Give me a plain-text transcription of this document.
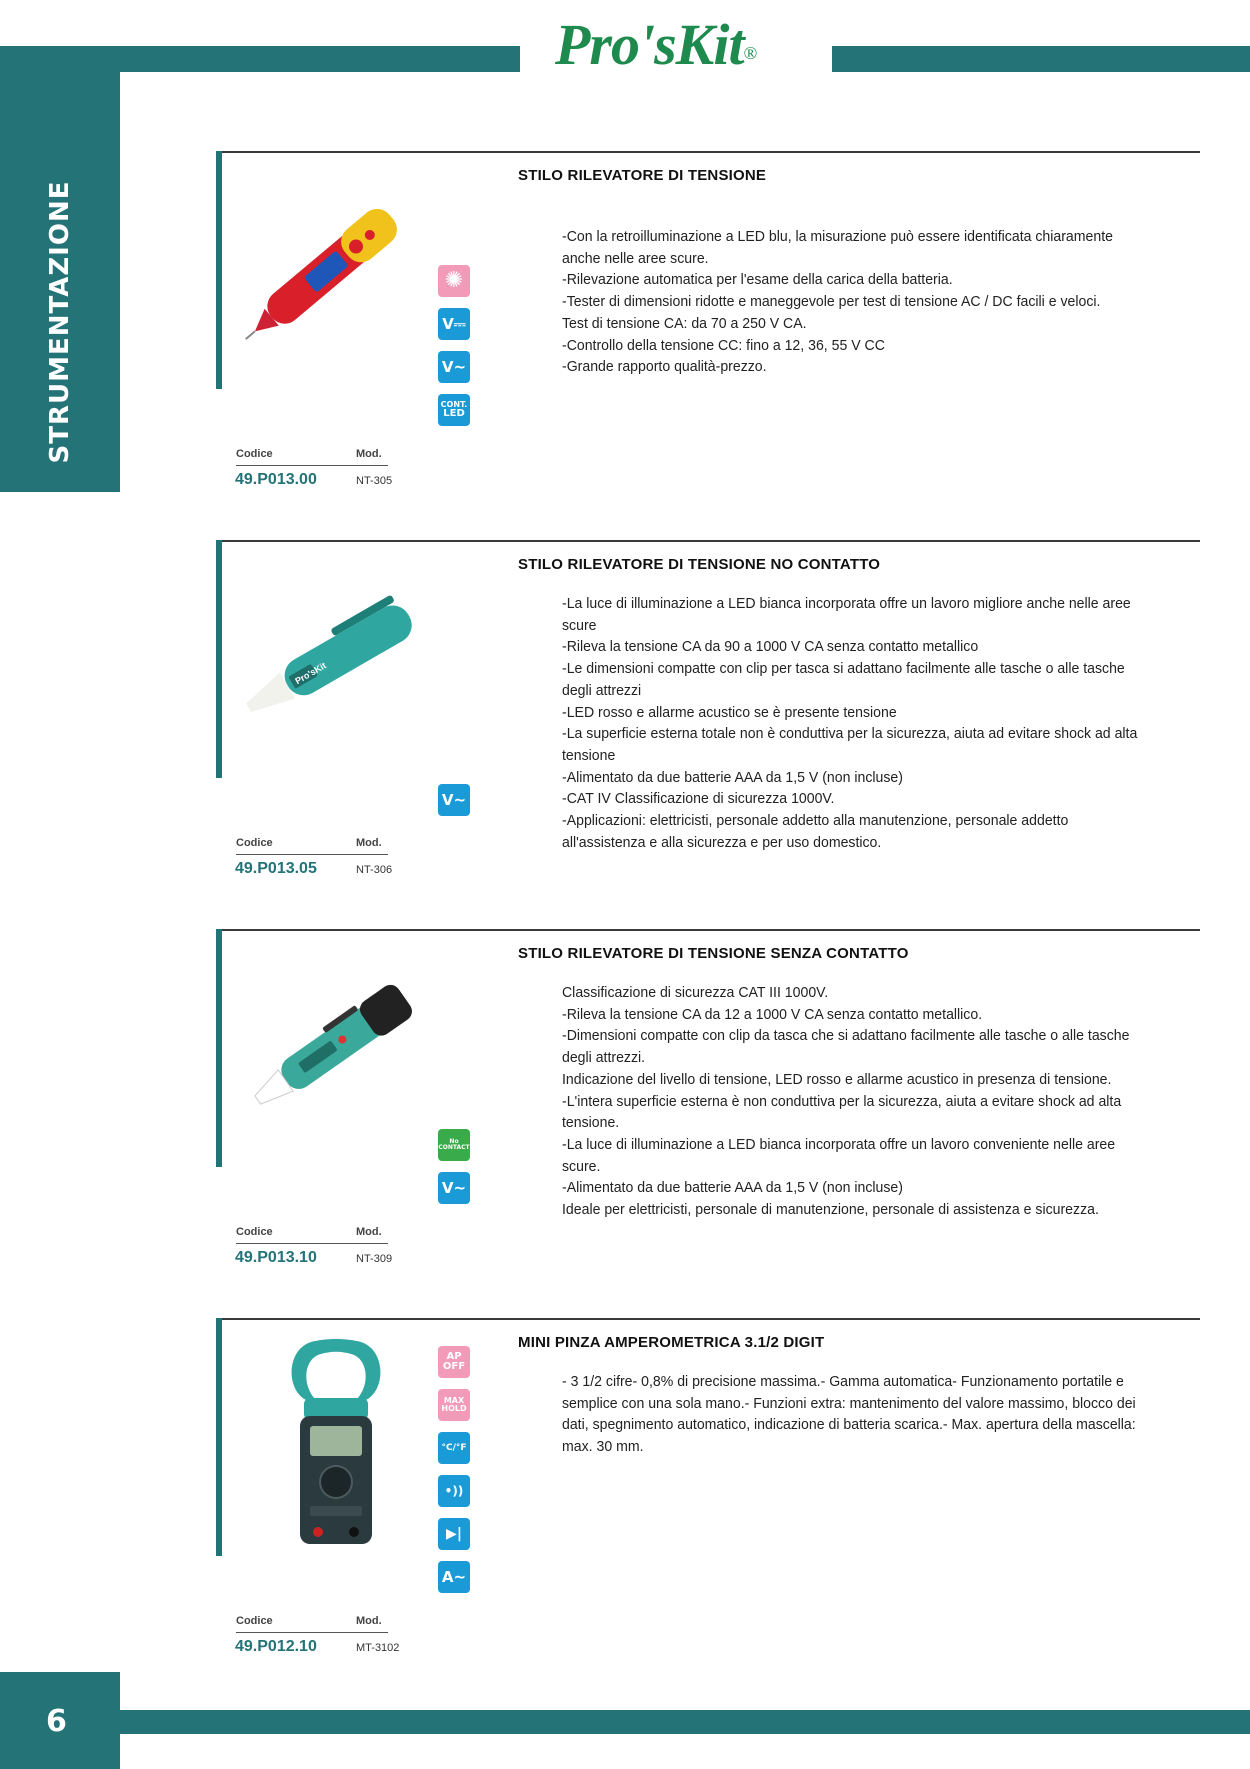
Pro'sKit®
STRUMENTAZIONE
6
✺
V⎓
V~
CONT.
LED
STILO RILEVATORE DI TENSIONE
-Con la retroilluminazione a LED blu, la misurazione può essere identificata chiaramente anche nelle aree scure.
-Rilevazione automatica per l'esame della carica della batteria.
-Tester di dimensioni ridotte e maneggevole per test di tensione AC / DC facili e veloci.
Test di tensione CA: da 70 a 250 V CA.
-Controllo della tensione CC: fino a 12, 36, 55 V CC
-Grande rapporto qualità-prezzo.
Codice	Mod.
49.P013.00	NT-305
Pro'sKit
V~
STILO RILEVATORE DI TENSIONE NO CONTATTO
-La luce di illuminazione a LED bianca incorporata offre un lavoro migliore anche nelle aree scure
-Rileva la tensione CA da 90 a 1000 V CA senza contatto metallico
-Le dimensioni compatte con clip per tasca si adattano facilmente alle tasche o alle tasche degli attrezzi
-LED rosso e allarme acustico se è presente tensione
-La superficie esterna totale non è conduttiva per la sicurezza, aiuta ad evitare shock ad alta tensione
-Alimentato da due batterie AAA da 1,5 V (non incluse)
-CAT IV Classificazione di sicurezza 1000V.
-Applicazioni: elettricisti, personale addetto alla manutenzione, personale addetto all'assistenza e alla sicurezza e per uso domestico.
Codice	Mod.
49.P013.05	NT-306
No
CONTACT
V~
STILO RILEVATORE DI TENSIONE SENZA CONTATTO
Classificazione di sicurezza CAT III 1000V.
-Rileva la tensione CA da 12 a 1000 V CA senza contatto metallico.
-Dimensioni compatte con clip da tasca che si adattano facilmente alle tasche o alle tasche degli attrezzi.
Indicazione del livello di tensione, LED rosso e allarme acustico in presenza di tensione.
-L'intera superficie esterna è non conduttiva per la sicurezza, aiuta a evitare shock ad alta tensione.
-La luce di illuminazione a LED bianca incorporata offre un lavoro conveniente nelle aree scure.
-Alimentato da due batterie AAA da 1,5 V (non incluse)
Ideale per elettricisti, personale di manutenzione, personale di assistenza e sicurezza.
Codice	Mod.
49.P013.10	NT-309
AP
OFF
MAX
HOLD
°C/°F
•))
▶|
A~
MINI PINZA AMPEROMETRICA 3.1/2 DIGIT
- 3 1/2 cifre- 0,8% di precisione massima.- Gamma automatica- Funzionamento portatile e semplice con una sola mano.- Funzioni extra: mantenimento del valore massimo, blocco dei dati, spegnimento automatico, indicazione di batteria scarica.- Max. apertura della mascella: max. 30 mm.
Codice	Mod.
49.P012.10	MT-3102
